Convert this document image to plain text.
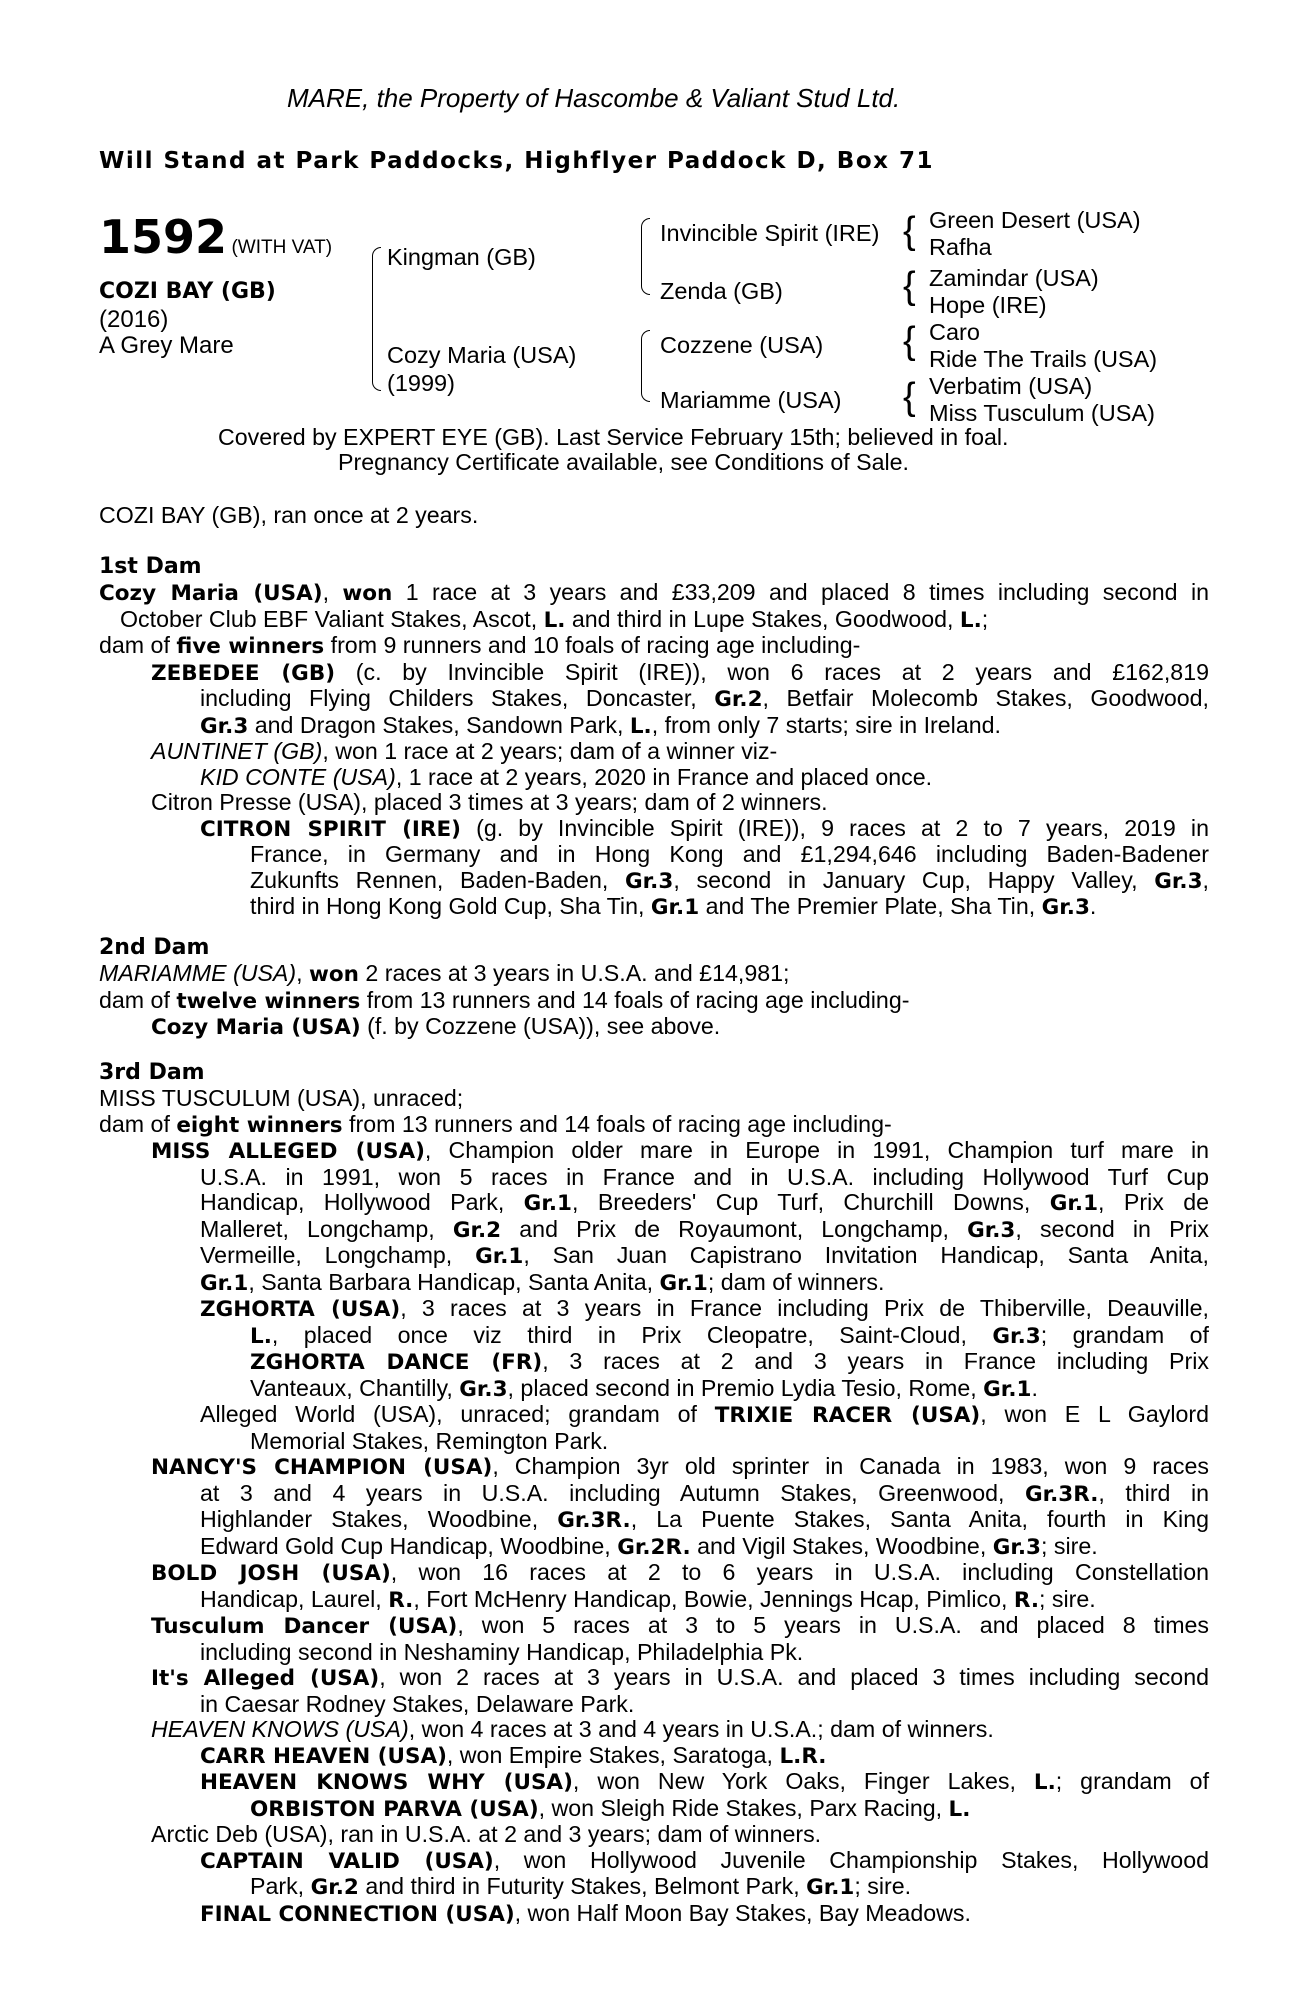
MARE, the Property of Hascombe & Valiant Stud Ltd.
Will Stand at Park Paddocks, Highflyer Paddock D, Box 71
1592 (WITH VAT)
COZI BAY (GB)
(2016)
A Grey Mare
Kingman (GB)
Cozy Maria (USA)
(1999)
Invincible Spirit (IRE)
Zenda (GB)
Cozzene (USA)
Mariamme (USA)
{
{
{
{
Green Desert (USA)
Rafha
Zamindar (USA)
Hope (IRE)
Caro
Ride The Trails (USA)
Verbatim (USA)
Miss Tusculum (USA)
Covered by EXPERT EYE (GB). Last Service February 15th; believed in foal.
Pregnancy Certificate available, see Conditions of Sale.
COZI BAY (GB), ran once at 2 years.
1st Dam
Cozy Maria (USA), won 1 race at 3 years and £33,209 and placed 8 times including second in
October Club EBF Valiant Stakes, Ascot, L. and third in Lupe Stakes, Goodwood, L.;
dam of five winners from 9 runners and 10 foals of racing age including-
ZEBEDEE (GB) (c. by Invincible Spirit (IRE)), won 6 races at 2 years and £162,819
including Flying Childers Stakes, Doncaster, Gr.2, Betfair Molecomb Stakes, Goodwood,
Gr.3 and Dragon Stakes, Sandown Park, L., from only 7 starts; sire in Ireland.
AUNTINET (GB), won 1 race at 2 years; dam of a winner viz-
KID CONTE (USA), 1 race at 2 years, 2020 in France and placed once.
Citron Presse (USA), placed 3 times at 3 years; dam of 2 winners.
CITRON SPIRIT (IRE) (g. by Invincible Spirit (IRE)), 9 races at 2 to 7 years, 2019 in
France, in Germany and in Hong Kong and £1,294,646 including Baden-Badener
Zukunfts Rennen, Baden-Baden, Gr.3, second in January Cup, Happy Valley, Gr.3,
third in Hong Kong Gold Cup, Sha Tin, Gr.1 and The Premier Plate, Sha Tin, Gr.3.
2nd Dam
MARIAMME (USA), won 2 races at 3 years in U.S.A. and £14,981;
dam of twelve winners from 13 runners and 14 foals of racing age including-
Cozy Maria (USA) (f. by Cozzene (USA)), see above.
3rd Dam
MISS TUSCULUM (USA), unraced;
dam of eight winners from 13 runners and 14 foals of racing age including-
MISS ALLEGED (USA), Champion older mare in Europe in 1991, Champion turf mare in
U.S.A. in 1991, won 5 races in France and in U.S.A. including Hollywood Turf Cup
Handicap, Hollywood Park, Gr.1, Breeders' Cup Turf, Churchill Downs, Gr.1, Prix de
Malleret, Longchamp, Gr.2 and Prix de Royaumont, Longchamp, Gr.3, second in Prix
Vermeille, Longchamp, Gr.1, San Juan Capistrano Invitation Handicap, Santa Anita,
Gr.1, Santa Barbara Handicap, Santa Anita, Gr.1; dam of winners.
ZGHORTA (USA), 3 races at 3 years in France including Prix de Thiberville, Deauville,
L., placed once viz third in Prix Cleopatre, Saint-Cloud, Gr.3; grandam of
ZGHORTA DANCE (FR), 3 races at 2 and 3 years in France including Prix
Vanteaux, Chantilly, Gr.3, placed second in Premio Lydia Tesio, Rome, Gr.1.
Alleged World (USA), unraced; grandam of TRIXIE RACER (USA), won E L Gaylord
Memorial Stakes, Remington Park.
NANCY'S CHAMPION (USA), Champion 3yr old sprinter in Canada in 1983, won 9 races
at 3 and 4 years in U.S.A. including Autumn Stakes, Greenwood, Gr.3R., third in
Highlander Stakes, Woodbine, Gr.3R., La Puente Stakes, Santa Anita, fourth in King
Edward Gold Cup Handicap, Woodbine, Gr.2R. and Vigil Stakes, Woodbine, Gr.3; sire.
BOLD JOSH (USA), won 16 races at 2 to 6 years in U.S.A. including Constellation
Handicap, Laurel, R., Fort McHenry Handicap, Bowie, Jennings Hcap, Pimlico, R.; sire.
Tusculum Dancer (USA), won 5 races at 3 to 5 years in U.S.A. and placed 8 times
including second in Neshaminy Handicap, Philadelphia Pk.
It's Alleged (USA), won 2 races at 3 years in U.S.A. and placed 3 times including second
in Caesar Rodney Stakes, Delaware Park.
HEAVEN KNOWS (USA), won 4 races at 3 and 4 years in U.S.A.; dam of winners.
CARR HEAVEN (USA), won Empire Stakes, Saratoga, L.R.
HEAVEN KNOWS WHY (USA), won New York Oaks, Finger Lakes, L.; grandam of
ORBISTON PARVA (USA), won Sleigh Ride Stakes, Parx Racing, L.
Arctic Deb (USA), ran in U.S.A. at 2 and 3 years; dam of winners.
CAPTAIN VALID (USA), won Hollywood Juvenile Championship Stakes, Hollywood
Park, Gr.2 and third in Futurity Stakes, Belmont Park, Gr.1; sire.
FINAL CONNECTION (USA), won Half Moon Bay Stakes, Bay Meadows.
